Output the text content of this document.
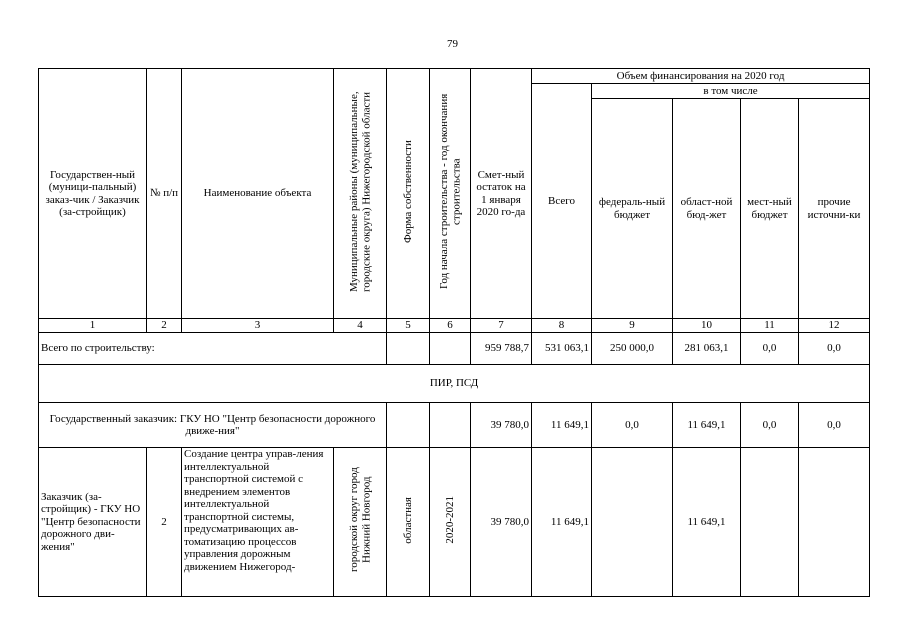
79
Государствен-ный (муници-пальный) заказ-чик / Заказчик (за-стройщик)	№ п/п	Наименование объекта	Муниципальные районы (муниципальные, городские округа) Нижегородской области	Форма собственности	Год начала строительства - год окончания строительства	Смет-ный остаток на 1 января 2020 го-да	Объем финансирования на 2020 год				
							Всего	в том числе			
								федераль-ный бюджет	област-ной бюд-жет	мест-ный бюджет	прочие источни-ки
1	2	3	4	5	6	7	8	9	10	11	12
Всего по строительству:						959 788,7	531 063,1	250 000,0	281 063,1	0,0	0,0
ПИР, ПСД											
Государственный заказчик: ГКУ НО "Центр безопасности дорожного движе-ния"						39 780,0	11 649,1	0,0	11 649,1	0,0	0,0
Заказчик (за-стройщик) - ГКУ НО "Центр безопасности дорожного дви-жения"	2	Создание центра управ-ления интеллектуальной транспортной системой с внедрением элементов интеллектуальной транспортной системы, предусматривающих ав-томатизацию процессов управления дорожным движением Нижегород-	городской округ город Нижний Новгород	областная	2020-2021	39 780,0	11 649,1		11 649,1		
